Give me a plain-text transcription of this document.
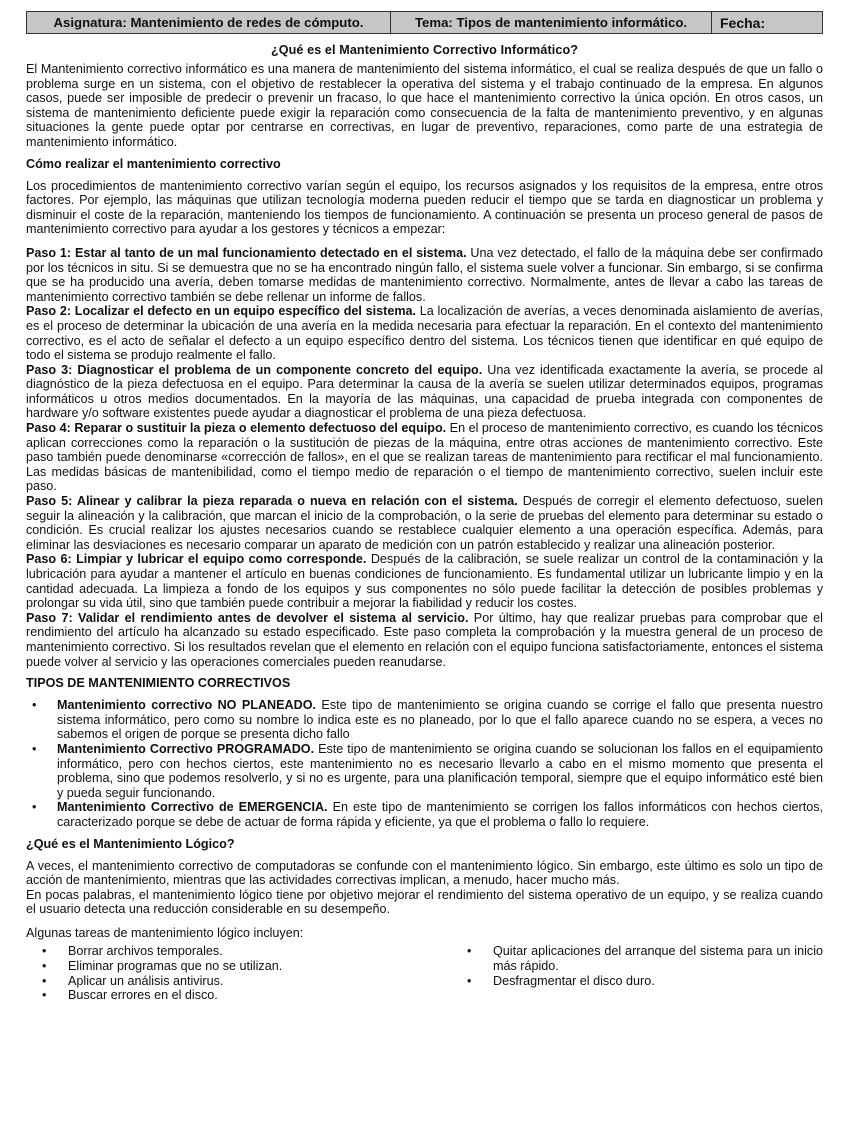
Asignatura: Mantenimiento de redes de cómputo.	Tema: Tipos de mantenimiento informático.	Fecha:
¿Qué es el Mantenimiento Correctivo Informático?

El Mantenimiento correctivo informático es una manera de mantenimiento del sistema informático, el cual se realiza después de que un fallo o problema surge en un sistema, con el objetivo de restablecer la operativa del sistema y el trabajo continuado de la empresa. En algunos casos, puede ser imposible de predecir o prevenir un fracaso, lo que hace el mantenimiento correctivo la única opción. En otros casos, un sistema de mantenimiento deficiente puede exigir la reparación como consecuencia de la falta de mantenimiento preventivo, y en algunas situaciones la gente puede optar por centrarse en correctivas, en lugar de preventivo, reparaciones, como parte de una estrategia de mantenimiento informático.

Cómo realizar el mantenimiento correctivo

Los procedimientos de mantenimiento correctivo varían según el equipo, los recursos asignados y los requisitos de la empresa, entre otros factores. Por ejemplo, las máquinas que utilizan tecnología moderna pueden reducir el tiempo que se tarda en diagnosticar un problema y disminuir el coste de la reparación, manteniendo los tiempos de funcionamiento. A continuación se presenta un proceso general de pasos de mantenimiento correctivo para ayudar a los gestores y técnicos a empezar:

Paso 1: Estar al tanto de un mal funcionamiento detectado en el sistema. Una vez detectado, el fallo de la máquina debe ser confirmado por los técnicos in situ. Si se demuestra que no se ha encontrado ningún fallo, el sistema suele volver a funcionar. Sin embargo, si se confirma que se ha producido una avería, deben tomarse medidas de mantenimiento correctivo. Normalmente, antes de llevar a cabo las tareas de mantenimiento correctivo también se debe rellenar un informe de fallos.

Paso 2: Localizar el defecto en un equipo específico del sistema. La localización de averías, a veces denominada aislamiento de averías, es el proceso de determinar la ubicación de una avería en la medida necesaria para efectuar la reparación. En el contexto del mantenimiento correctivo, es el acto de señalar el defecto a un equipo específico dentro del sistema. Los técnicos tienen que identificar en qué equipo de todo el sistema se produjo realmente el fallo.

Paso 3: Diagnosticar el problema de un componente concreto del equipo. Una vez identificada exactamente la avería, se procede al diagnóstico de la pieza defectuosa en el equipo. Para determinar la causa de la avería se suelen utilizar determinados equipos, programas informáticos u otros medios documentados. En la mayoría de las máquinas, una capacidad de prueba integrada con componentes de hardware y/o software existentes puede ayudar a diagnosticar el problema de una pieza defectuosa.

Paso 4: Reparar o sustituir la pieza o elemento defectuoso del equipo. En el proceso de mantenimiento correctivo, es cuando los técnicos aplican correcciones como la reparación o la sustitución de piezas de la máquina, entre otras acciones de mantenimiento correctivo. Este paso también puede denominarse «corrección de fallos», en el que se realizan tareas de mantenimiento para rectificar el mal funcionamiento. Las medidas básicas de mantenibilidad, como el tiempo medio de reparación o el tiempo de mantenimiento correctivo, suelen incluir este paso.

Paso 5: Alinear y calibrar la pieza reparada o nueva en relación con el sistema. Después de corregir el elemento defectuoso, suelen seguir la alineación y la calibración, que marcan el inicio de la comprobación, o la serie de pruebas del elemento para determinar su estado o condición. Es crucial realizar los ajustes necesarios cuando se restablece cualquier elemento a una operación específica. Además, para eliminar las desviaciones es necesario comparar un aparato de medición con un patrón establecido y realizar una alineación posterior.

Paso 6: Limpiar y lubricar el equipo como corresponde. Después de la calibración, se suele realizar un control de la contaminación y la lubricación para ayudar a mantener el artículo en buenas condiciones de funcionamiento. Es fundamental utilizar un lubricante limpio y en la cantidad adecuada. La limpieza a fondo de los equipos y sus componentes no sólo puede facilitar la detección de posibles problemas y prolongar su vida útil, sino que también puede contribuir a mejorar la fiabilidad y reducir los costes.

Paso 7: Validar el rendimiento antes de devolver el sistema al servicio. Por último, hay que realizar pruebas para comprobar que el rendimiento del artículo ha alcanzado su estado especificado. Este paso completa la comprobación y la muestra general de un proceso de mantenimiento correctivo. Si los resultados revelan que el elemento en relación con el equipo funciona satisfactoriamente, entonces el sistema puede volver al servicio y las operaciones comerciales pueden reanudarse.

TIPOS DE MANTENIMIENTO CORRECTIVOS
• Mantenimiento correctivo NO PLANEADO. Este tipo de mantenimiento se origina cuando se corrige el fallo que presenta nuestro sistema informático, pero como su nombre lo indica este es no planeado, por lo que el fallo aparece cuando no se espera, a veces no sabemos el origen de porque se presenta dicho fallo
• Mantenimiento Correctivo PROGRAMADO. Este tipo de mantenimiento se origina cuando se solucionan los fallos en el equipamiento informático, pero con hechos ciertos, este mantenimiento no es necesario llevarlo a cabo en el mismo momento que presenta el problema, sino que podemos resolverlo, y si no es urgente, para una planificación temporal, siempre que el equipo informático esté bien y pueda seguir funcionando.
• Mantenimiento Correctivo de EMERGENCIA. En este tipo de mantenimiento se corrigen los fallos informáticos con hechos ciertos, caracterizado porque se debe de actuar de forma rápida y eficiente, ya que el problema o fallo lo requiere.
¿Qué es el Mantenimiento Lógico?

A veces, el mantenimiento correctivo de computadoras se confunde con el mantenimiento lógico. Sin embargo, este último es solo un tipo de acción de mantenimiento, mientras que las actividades correctivas implican, a menudo, hacer mucho más.

En pocas palabras, el mantenimiento lógico tiene por objetivo mejorar el rendimiento del sistema operativo de un equipo, y se realiza cuando el usuario detecta una reducción considerable en su desempeño.

Algunas tareas de mantenimiento lógico incluyen:

• Borrar archivos temporales.
• Eliminar programas que no se utilizan.
• Aplicar un análisis antivirus.
• Buscar errores en el disco.
• Quitar aplicaciones del arranque del sistema para un inicio más rápido.
• Desfragmentar el disco duro.
